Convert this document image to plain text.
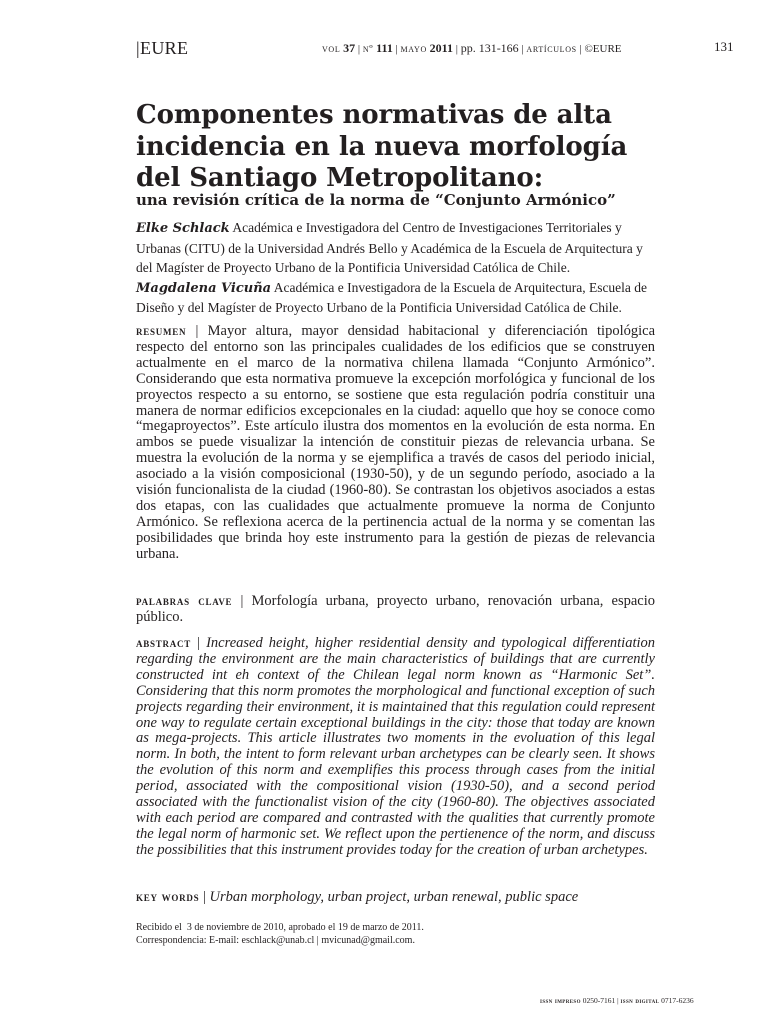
|EURE	vol 37 | nº 111 | mayo 2011 | pp. 131-166 | artículos | ©EURE	131
Componentes normativas de alta incidencia en la nueva morfología del Santiago Metropolitano:
una revisión crítica de la norma de “Conjunto Armónico”
Elke Schlack Académica e Investigadora del Centro de Investigaciones Territoriales y Urbanas (CITU) de la Universidad Andrés Bello y Académica de la Escuela de Arquitectura y del Magíster de Proyecto Urbano de la Pontificia Universidad Católica de Chile.
Magdalena Vicuña Académica e Investigadora de la Escuela de Arquitectura, Escuela de Diseño y del Magíster de Proyecto Urbano de la Pontificia Universidad Católica de Chile.

resumen | Mayor altura, mayor densidad habitacional y diferenciación tipológica respecto del entorno son las principales cualidades de los edificios que se construyen actualmente en el marco de la normativa chilena llamada “Conjunto Armónico”. Considerando que esta normativa promueve la excepción morfológica y funcional de los proyectos respecto a su entorno, se sostiene que esta regulación podría constituir una manera de normar edificios excepcionales en la ciudad: aquello que hoy se conoce como “megaproyectos”. Este artículo ilustra dos momentos en la evolución de esta norma. En ambos se puede visualizar la intención de constituir piezas de relevancia urbana. Se muestra la evolución de la norma y se ejemplifica a través de casos del periodo inicial, asociado a la visión composicional (1930-50), y de un segundo período, asociado a la visión funcionalista de la ciudad (1960-80). Se contrastan los objetivos asociados a estas dos etapas, con las cualidades que actualmente promueve la norma de Conjunto Armónico. Se reflexiona acerca de la pertinencia actual de la norma y se comentan las posibilidades que brinda hoy este instrumento para la gestión de piezas de relevancia urbana.

palabras clave | Morfología urbana, proyecto urbano, renovación urbana, espacio público.

abstract | Increased height, higher residential density and typological differentiation regarding the environment are the main characteristics of buildings that are currently constructed int eh context of the Chilean legal norm known as “Harmonic Set”. Considering that this norm promotes the morphological and functional exception of such projects regarding their environment, it is maintained that this regulation could represent one way to regulate certain exceptional buildings in the city: those that today are known as mega-projects. This article illustrates two moments in the evoluation of this legal norm. In both, the intent to form relevant urban archetypes can be clearly seen. It shows the evolution of this norm and exemplifies this process through cases from the initial period, associated with the compositional vision (1930-50), and a second period associated with the functionalist vision of the city (1960-80). The objectives associated with each period are compared and contrasted with the qualities that currently promote the legal norm of harmonic set. We reflect upon the pertienence of the norm, and discuss the possibilities that this instrument provides today for the creation of urban archetypes.

key words | Urban morphology, urban project, urban renewal, public space

Recibido el  3 de noviembre de 2010, aprobado el 19 de marzo de 2011.
Correspondencia: E-mail: eschlack@unab.cl | mvicunad@gmail.com.
issn impreso 0250-7161 | issn digital 0717-6236
